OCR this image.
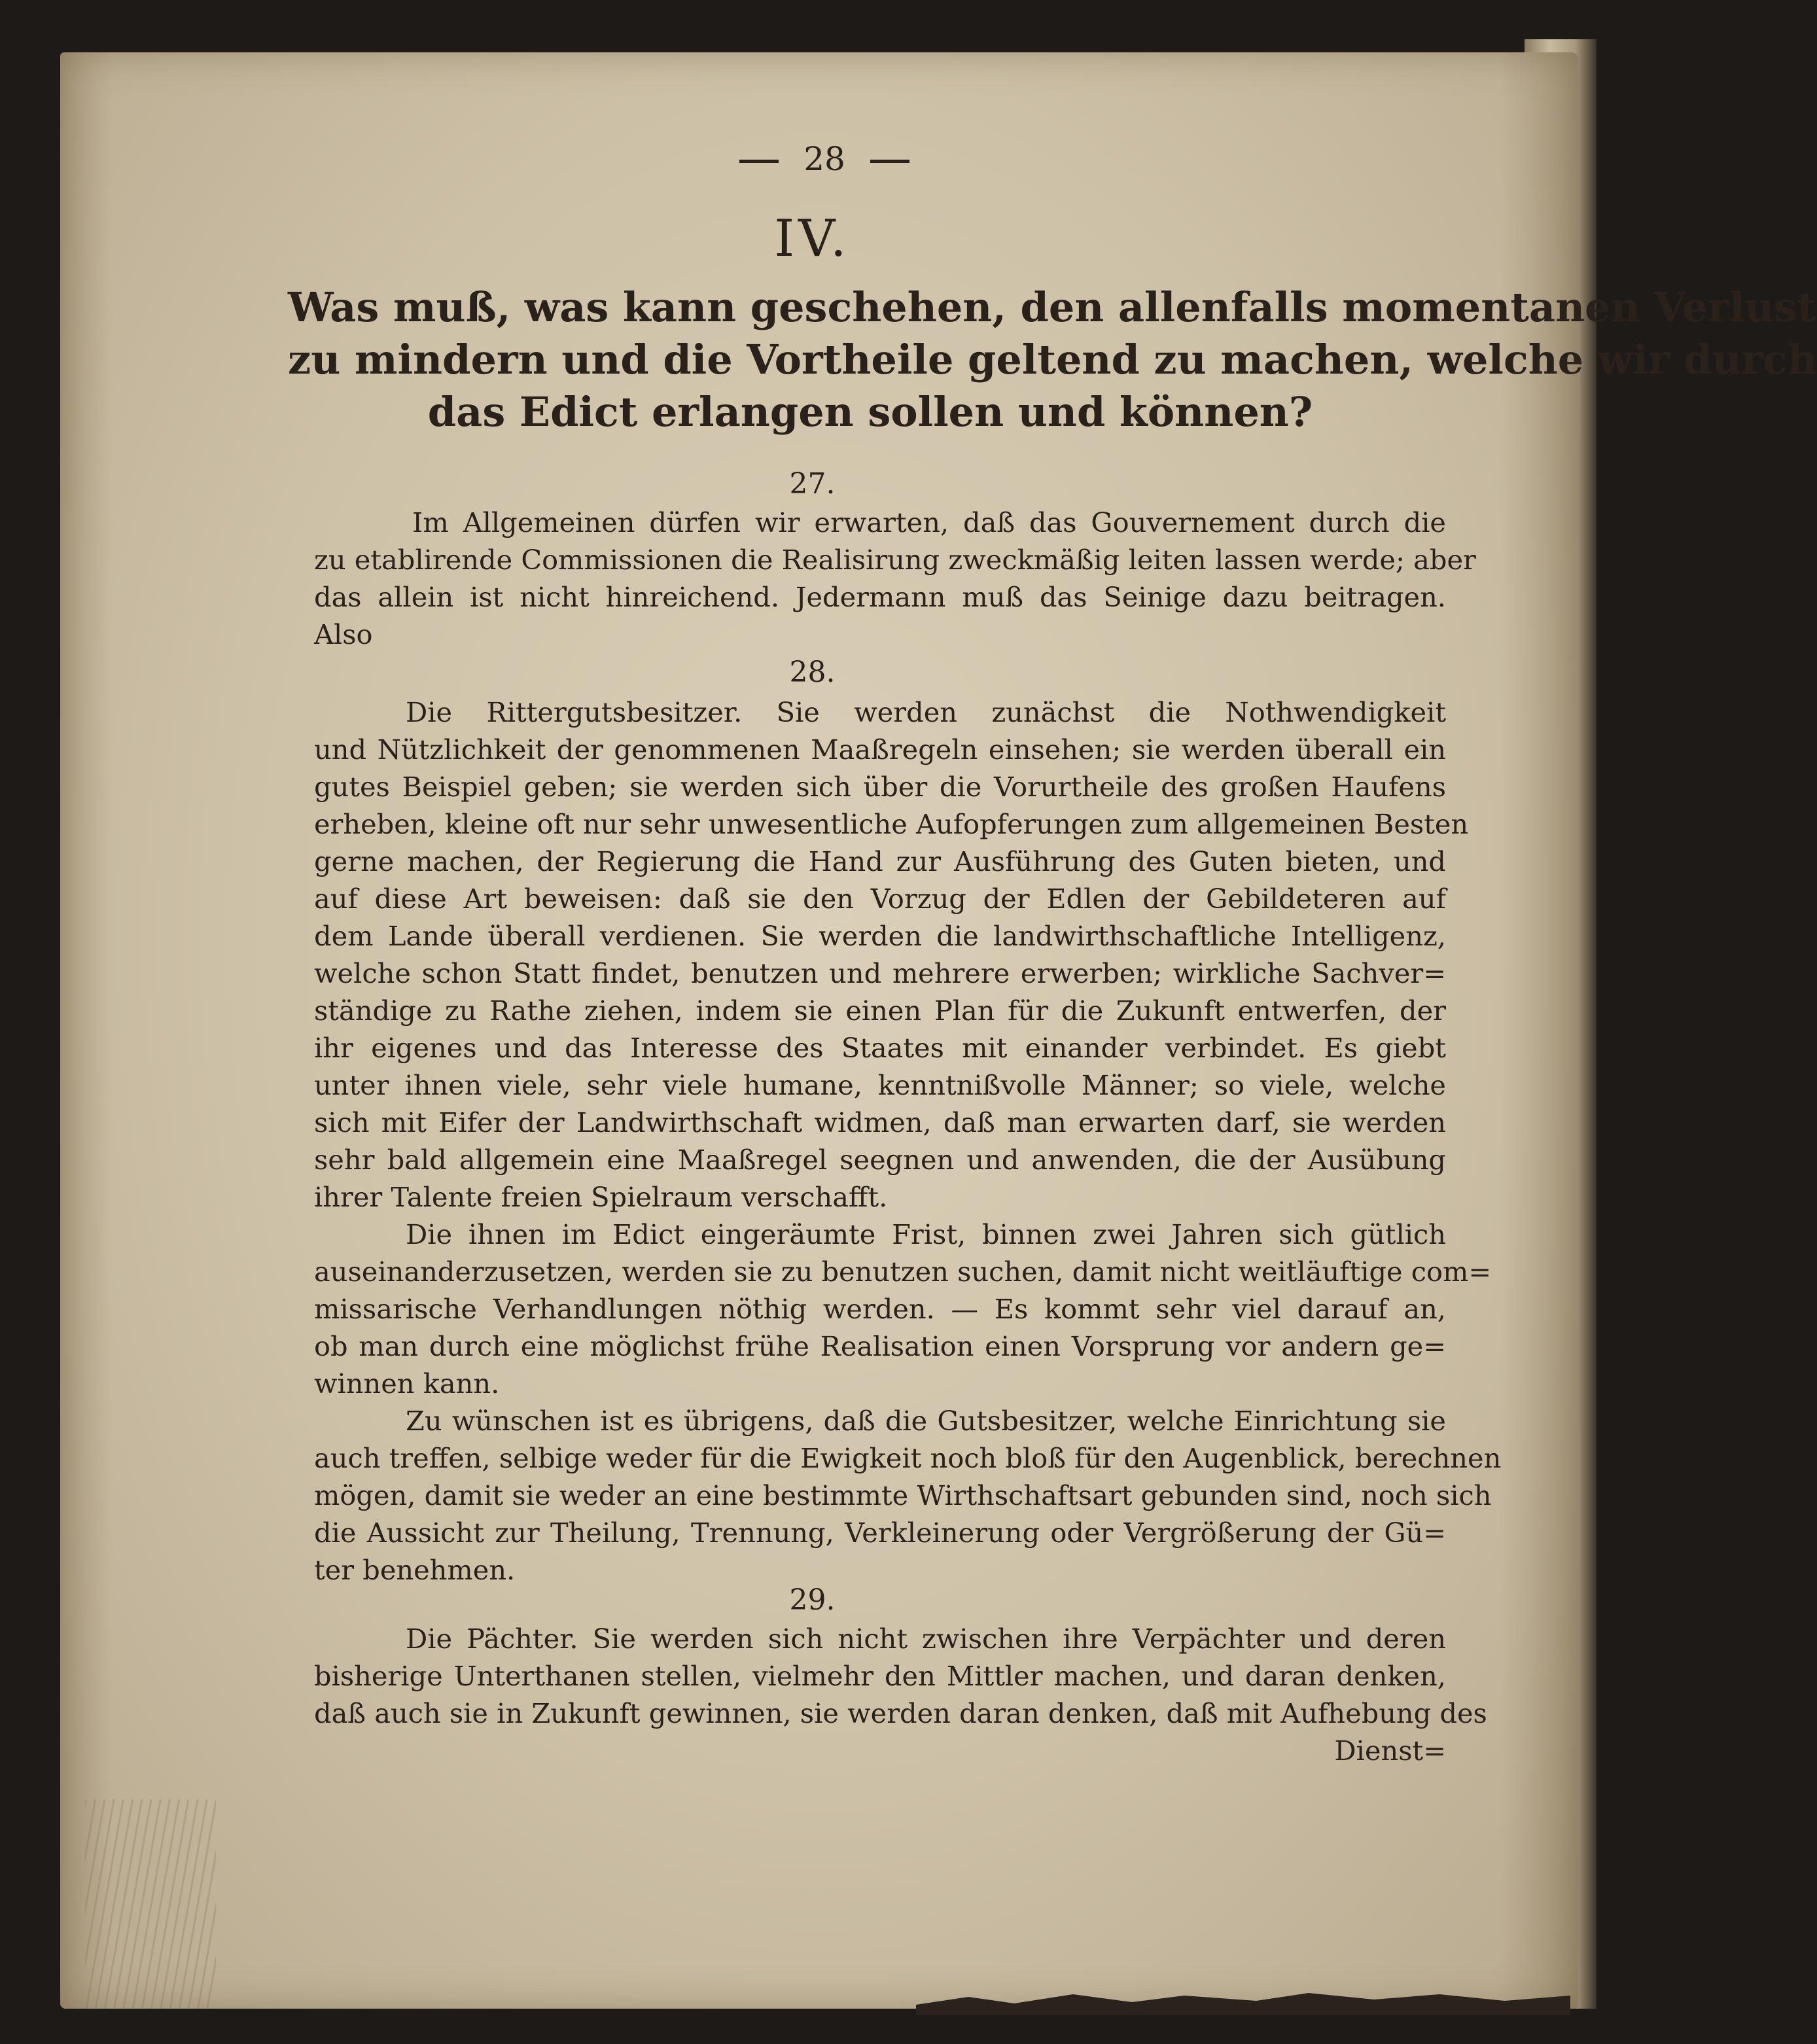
28
IV.
Was muß, was kann geschehen, den allenfalls momentanen Verlust
zu mindern und die Vortheile geltend zu machen, welche wir durch
das Edict erlangen sollen und können?
27.
Im Allgemeinen dürfen wir erwarten, daß das Gouvernement durch die
zu etablirende Commissionen die Realisirung zweckmäßig leiten lassen werde; aber
das allein ist nicht hinreichend. Jedermann muß das Seinige dazu beitragen.
Also
28.
Die Rittergutsbesitzer. Sie werden zunächst die Nothwendigkeit
und Nützlichkeit der genommenen Maaßregeln einsehen; sie werden überall ein
gutes Beispiel geben; sie werden sich über die Vorurtheile des großen Haufens
erheben, kleine oft nur sehr unwesentliche Aufopferungen zum allgemeinen Besten
gerne machen, der Regierung die Hand zur Ausführung des Guten bieten, und
auf diese Art beweisen: daß sie den Vorzug der Edlen der Gebildeteren auf
dem Lande überall verdienen. Sie werden die landwirthschaftliche Intelligenz,
welche schon Statt findet, benutzen und mehrere erwerben; wirkliche Sachver=
ständige zu Rathe ziehen, indem sie einen Plan für die Zukunft entwerfen, der
ihr eigenes und das Interesse des Staates mit einander verbindet. Es giebt
unter ihnen viele, sehr viele humane, kenntnißvolle Männer; so viele, welche
sich mit Eifer der Landwirthschaft widmen, daß man erwarten darf, sie werden
sehr bald allgemein eine Maaßregel seegnen und anwenden, die der Ausübung
ihrer Talente freien Spielraum verschafft.
Die ihnen im Edict eingeräumte Frist, binnen zwei Jahren sich gütlich
auseinanderzusetzen, werden sie zu benutzen suchen, damit nicht weitläuftige com=
missarische Verhandlungen nöthig werden. — Es kommt sehr viel darauf an,
ob man durch eine möglichst frühe Realisation einen Vorsprung vor andern ge=
winnen kann.
Zu wünschen ist es übrigens, daß die Gutsbesitzer, welche Einrichtung sie
auch treffen, selbige weder für die Ewigkeit noch bloß für den Augenblick, berechnen
mögen, damit sie weder an eine bestimmte Wirthschaftsart gebunden sind, noch sich
die Aussicht zur Theilung, Trennung, Verkleinerung oder Vergrößerung der Gü=
ter benehmen.
29.
Die Pächter. Sie werden sich nicht zwischen ihre Verpächter und deren
bisherige Unterthanen stellen, vielmehr den Mittler machen, und daran denken,
daß auch sie in Zukunft gewinnen, sie werden daran denken, daß mit Aufhebung des
Dienst=
